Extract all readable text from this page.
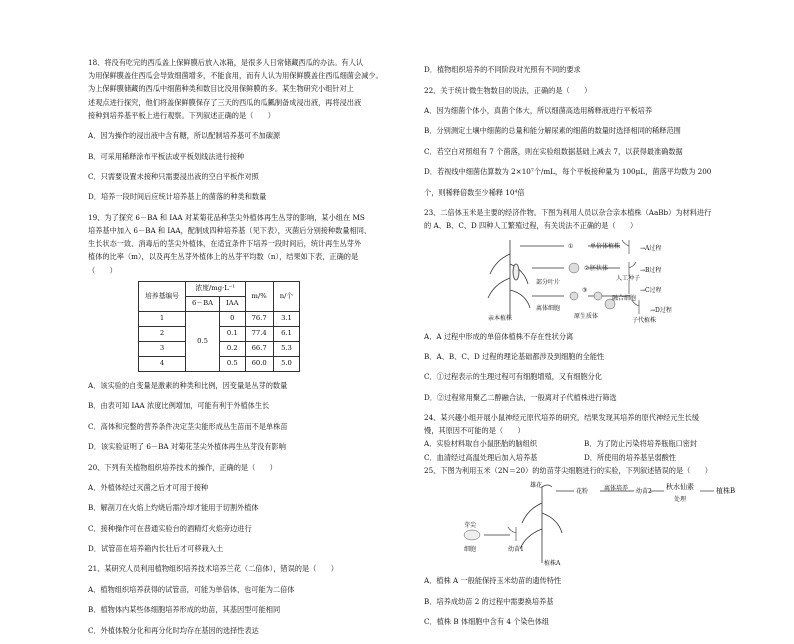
18、将没有吃完的西瓜盖上保鲜膜后放入冰箱，是很多人日常储藏西瓜的办法。有人认

为用保鲜膜盖住西瓜会导致细菌增多，不能食用，而有人认为用保鲜膜盖住西瓜细菌会减少。

为上保鲜膜储藏的西瓜中细菌种类和数目比没用保鲜膜的多。某生物研究小组针对上

述观点进行探究，他们将盖保鲜膜保存了三天的西瓜的瓜瓤制备成浸出液，再将浸出液

接种到培养基平板上进行观察。下列叙述正确的是（　　）

A．因为操作的浸出液中含有糖，所以配制培养基可不加碳源

B．可采用稀释涂布平板法或平板划线法进行接种

C．只需要设置未接种只需要浸出液的空白平板作对照

D．培养一段时间后应统计培养基上的菌落的种类和数量

19、为了探究 6－BA 和 IAA 对某菊花品种茎尖外植体再生丛芽的影响，某小组在 MS

培养基中加入 6－BA 和 IAA，配制成四种培养基（见下表），灭菌后分别接种数量相同、

生长状态一致、消毒后的茎尖外植体，在适宜条件下培养一段时间后，统计再生丛芽外

植体的比率（m），以及再生丛芽外植体上的丛芽平均数（n），结果如下表，正确的是

（　　）

培养基编号	浓度/mg·L⁻¹		m/%	n/个
	6－BA	IAA		
1	0.5	0	76.7	3.1
2		0.1	77.4	6.1
3		0.2	66.7	5.3
4		0.5	60.0	5.0

A．该实验的自变量是激素的种类和比例，因变量是丛芽的数量

B．由表可知 IAA 浓度比例增加，可能有利于外植体生长

C．高体和完整的营养条件决定茎尖能形成丛生苗而不是单株苗

D．该实验证明了 6－BA 对菊花茎尖外植体再生丛芽没有影响

20、下列有关植物组织培养技术的操作，正确的是（　　）

A．外植体经过灭菌之后才可用于接种

B．解剖刀在火焰上灼烧后需冷却才能用于切割外植体

C．接种操作可在普通实验台的酒精灯火焰旁边进行

D．试管苗在培养箱内长壮后才可移栽入土

21、某研究人员利用植物组织培养技术培养兰花（二倍体），错误的是（　　）

A．植物组织培养获得的试管苗，可能为单倍体，也可能为二倍体

B．植物体内某些体细胞培养形成的幼苗，其基因型可能相同

C．外植体脱分化和再分化时均存在基因的选择性表达

D．植物组织培养的不同阶段对光照有不同的要求

22、关于统计微生物数目的说法，正确的是（　　）

A．因为细菌个体小，真菌个体大，所以细菌高选用稀释液进行平板培养

B．分别测定土壤中细菌的总量和能分解尿素的细菌的数量时选择相同的稀释范围

C．若空白对照组有 7 个菌落，则在实验组数据基础上减去 7，以获得最准确数据

D．若视线中细菌估算数为 2×10⁷个/mL，每个平板接种量为 100μL，菌落平均数为 200

个，则稀释倍数至少稀释 10⁴倍

23、二倍体玉米是主要的经济作物。下图为利用人员以杂合亲本植株（AaBb）为材料进行

的 A、B、C、D 四种人工繁殖过程，有关说法不正确的是（　　）

①
②
③
单倍体植株
胚状体
部分叶片
人工种子
离体细胞
原生质体
融合细胞
子代植株
亲本植株
→A过程
→B过程
→C过程
→D过程

A．A 过程中形成的单倍体植株不存在性状分离

B．A、B、C、D 过程的理论基础都涉及到细胞的全能性

C．①过程表示的生理过程可有细胞增殖，又有细胞分化

D．②过程常用聚乙二醇融合法，一般离对子代植株进行筛选

24、某兴趣小组开展小鼠神经元原代培养的研究，结果发现其培养的原代神经元生长缓

慢，其原因不可能的是（　　）

A．实验材料取自小鼠胚胎的脑组织	B．为了防止污染将培养瓶瓶口密封
C．血清经过高温处理后加入培养基	D．所使用的培养基呈弱酸性

25、下图为利用玉米（2N＝20）的幼苗芽尖细胞进行的实验，下列叙述错误的是（　　）

雄花
花粉	离体培养 幼苗2
秋水仙素
处理
植株B
芽尖
细胞	幼苗1
植株A

A．植株 A 一般能保持玉米幼苗的遗传特性

B．培养成幼苗 2 的过程中需要换培养基

C．植株 B 体细胞中含有 4 个染色体组
